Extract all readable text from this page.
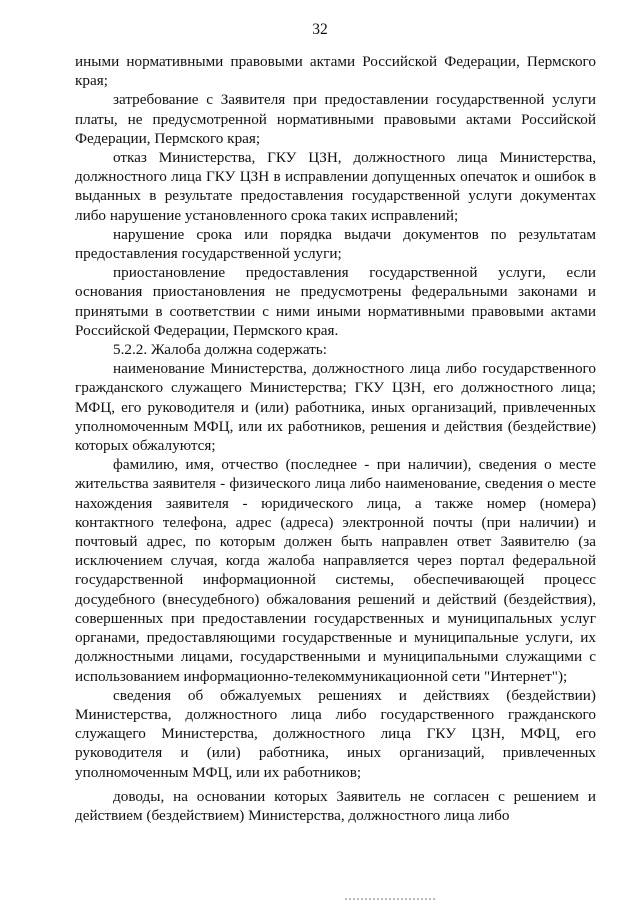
32

иными нормативными правовыми актами Российской Федерации, Пермского края;

затребование с Заявителя при предоставлении государственной услуги платы, не предусмотренной нормативными правовыми актами Российской Федерации, Пермского края;

отказ Министерства, ГКУ ЦЗН, должностного лица Министерства, должностного лица ГКУ ЦЗН в исправлении допущенных опечаток и ошибок в выданных в результате предоставления государственной услуги документах либо нарушение установленного срока таких исправлений;

нарушение срока или порядка выдачи документов по результатам предоставления государственной услуги;

приостановление предоставления государственной услуги, если основания приостановления не предусмотрены федеральными законами и принятыми в соответствии с ними иными нормативными правовыми актами Российской Федерации, Пермского края.

5.2.2. Жалоба должна содержать:

наименование Министерства, должностного лица либо государственного гражданского служащего Министерства; ГКУ ЦЗН, его должностного лица; МФЦ, его руководителя и (или) работника, иных организаций, привлеченных уполномоченным МФЦ, или их работников, решения и действия (бездействие) которых обжалуются;

фамилию, имя, отчество (последнее - при наличии), сведения о месте жительства заявителя - физического лица либо наименование, сведения о месте нахождения заявителя - юридического лица, а также номер (номера) контактного телефона, адрес (адреса) электронной почты (при наличии) и почтовый адрес, по которым должен быть направлен ответ Заявителю (за исключением случая, когда жалоба направляется через портал федеральной государственной информационной системы, обеспечивающей процесс досудебного (внесудебного) обжалования решений и действий (бездействия), совершенных при предоставлении государственных и муниципальных услуг органами, предоставляющими государственные и муниципальные услуги, их должностными лицами, государственными и муниципальными служащими с использованием информационно-телекоммуникационной сети "Интернет");

сведения об обжалуемых решениях и действиях (бездействии) Министерства, должностного лица либо государственного гражданского служащего Министерства, должностного лица ГКУ ЦЗН, МФЦ, его руководителя и (или) работника, иных организаций, привлеченных уполномоченным МФЦ, или их работников;

доводы, на основании которых Заявитель не согласен с решением и действием (бездействием) Министерства, должностного лица либо
